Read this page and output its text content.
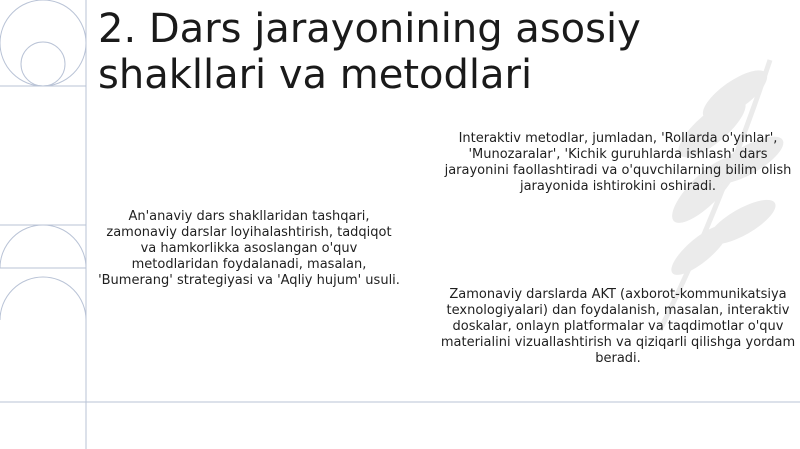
2. Dars jarayonining asosiy shakllari va metodlari

An'anaviy dars shakllaridan tashqari, zamonaviy darslar loyihalashtirish, tadqiqot va hamkorlikka asoslangan o'quv metodlaridan foydalanadi, masalan, 'Bumerang' strategiyasi va 'Aqliy hujum' usuli.

Interaktiv metodlar, jumladan, 'Rollarda o'yinlar', 'Munozaralar', 'Kichik guruhlarda ishlash' dars jarayonini faollashtiradi va o'quvchilarning bilim olish jarayonida ishtirokini oshiradi.

Zamonaviy darslarda AKT (axborot-kommunikatsiya texnologiyalari) dan foydalanish, masalan, interaktiv doskalar, onlayn platformalar va taqdimotlar o'quv materialini vizuallashtirish va qiziqarli qilishga yordam beradi.
